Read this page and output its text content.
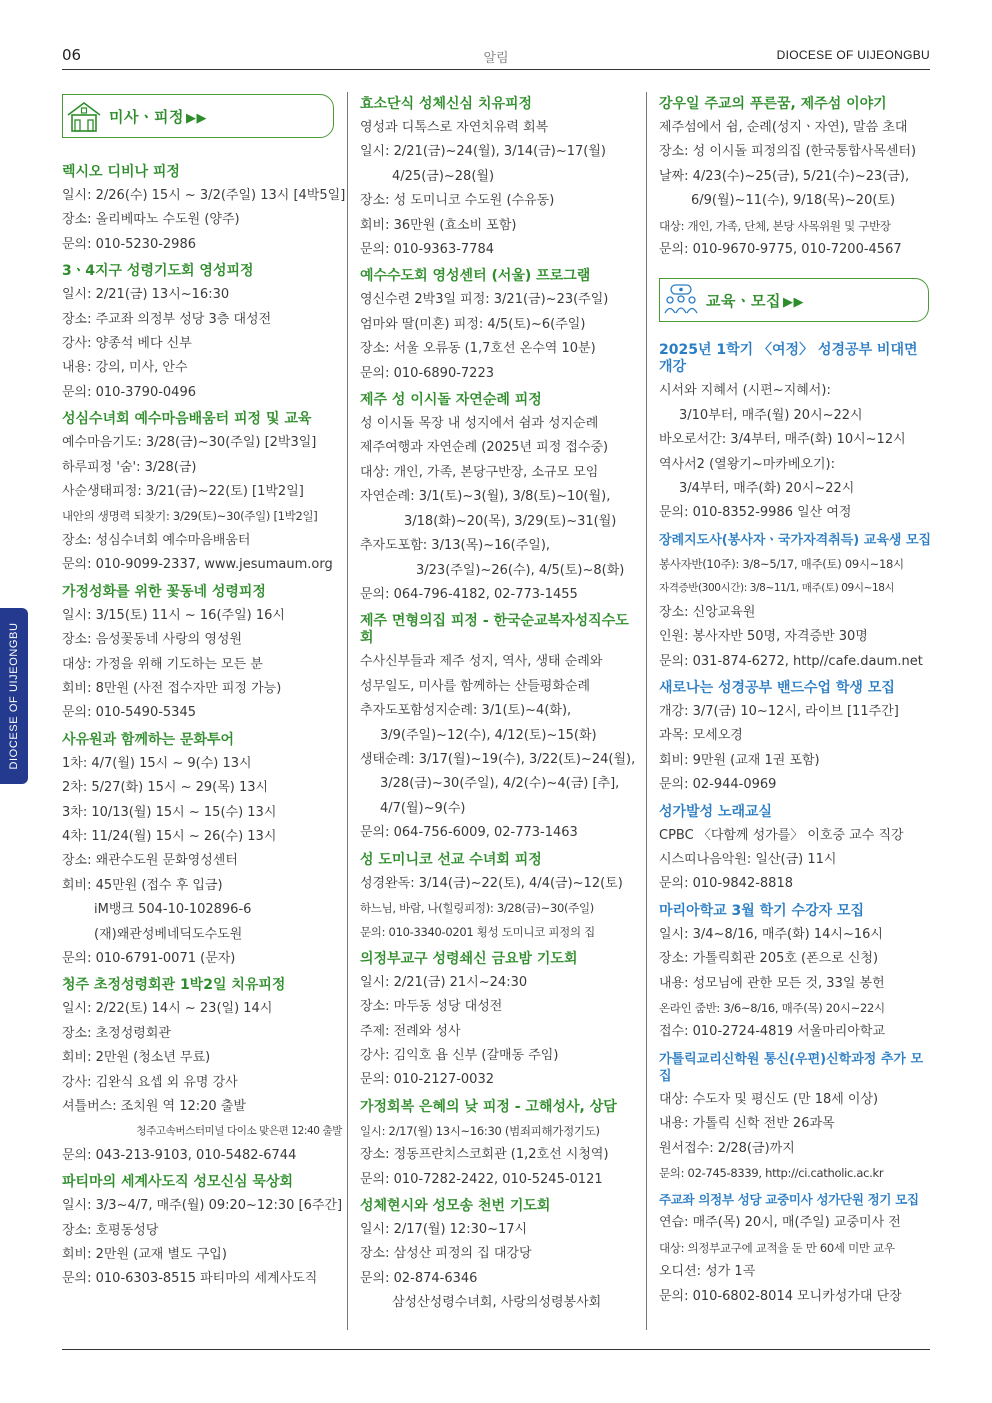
06	알림	DIOCESE OF UIJEONGBU
DIOCESE OF UIJEONGBU
미사ㆍ피정 ▶▶
렉시오 디비나 피정
일시: 2/26(수) 15시 ~ 3/2(주일) 13시 [4박5일]
장소: 올리베따노 수도원 (양주)
문의: 010-5230-2986
3ㆍ4지구 성령기도회 영성피정
일시: 2/21(금) 13시~16:30
장소: 주교좌 의정부 성당 3층 대성전
강사: 양종석 베다 신부
내용: 강의, 미사, 안수
문의: 010-3790-0496
성심수녀회 예수마음배움터 피정 및 교육
예수마음기도: 3/28(금)~30(주일) [2박3일]
하루피정 '숨': 3/28(금)
사순생태피정: 3/21(금)~22(토) [1박2일]
내안의 생명력 되찾기: 3/29(토)~30(주일) [1박2일]
장소: 성심수녀회 예수마음배움터
문의: 010-9099-2337, www.jesumaum.org
가정성화를 위한 꽃동네 성령피정
일시: 3/15(토) 11시 ~ 16(주일) 16시
장소: 음성꽃동네 사랑의 영성원
대상: 가정을 위해 기도하는 모든 분
회비: 8만원 (사전 접수자만 피정 가능)
문의: 010-5490-5345
사유원과 함께하는 문화투어
1차: 4/7(월) 15시 ~ 9(수) 13시
2차: 5/27(화) 15시 ~ 29(목) 13시
3차: 10/13(월) 15시 ~ 15(수) 13시
4차: 11/24(월) 15시 ~ 26(수) 13시
장소: 왜관수도원 문화영성센터
회비: 45만원 (접수 후 입금)
iM뱅크 504-10-102896-6
(재)왜관성베네딕도수도원
문의: 010-6791-0071 (문자)
청주 초정성령회관 1박2일 치유피정
일시: 2/22(토) 14시 ~ 23(일) 14시
장소: 초정성령회관
회비: 2만원 (청소년 무료)
강사: 김완식 요셉 외 유명 강사
셔틀버스: 조치원 역 12:20 출발
청주고속버스터미널 다이소 맞은편 12:40 출발
문의: 043-213-9103, 010-5482-6744
파티마의 세계사도직 성모신심 묵상회
일시: 3/3~4/7, 매주(월) 09:20~12:30 [6주간]
장소: 호평동성당
회비: 2만원 (교재 별도 구입)
문의: 010-6303-8515 파티마의 세계사도직
효소단식 성체신심 치유피정
영성과 디톡스로 자연치유력 회복
일시: 2/21(금)~24(월), 3/14(금)~17(월)
4/25(금)~28(월)
장소: 성 도미니코 수도원 (수유동)
회비: 36만원 (효소비 포함)
문의: 010-9363-7784
예수수도회 영성센터 (서울) 프로그램
영신수련 2박3일 피정: 3/21(금)~23(주일)
엄마와 딸(미혼) 피정: 4/5(토)~6(주일)
장소: 서울 오류동 (1,7호선 온수역 10분)
문의: 010-6890-7223
제주 성 이시돌 자연순례 피정
성 이시돌 목장 내 성지에서 쉼과 성지순례
제주여행과 자연순례 (2025년 피정 접수중)
대상: 개인, 가족, 본당구반장, 소규모 모임
자연순례: 3/1(토)~3(월), 3/8(토)~10(월),
3/18(화)~20(목), 3/29(토)~31(월)
추자도포함: 3/13(목)~16(주일),
3/23(주일)~26(수), 4/5(토)~8(화)
문의: 064-796-4182, 02-773-1455
제주 면형의집 피정 - 한국순교복자성직수도회
수사신부들과 제주 성지, 역사, 생태 순례와
성무일도, 미사를 함께하는 산들평화순례
추자도포함성지순례: 3/1(토)~4(화),
3/9(주일)~12(수), 4/12(토)~15(화)
생태순례: 3/17(월)~19(수), 3/22(토)~24(월),
3/28(금)~30(주일), 4/2(수)~4(금) [추],
4/7(월)~9(수)
문의: 064-756-6009, 02-773-1463
성 도미니코 선교 수녀회 피정
성경완독: 3/14(금)~22(토), 4/4(금)~12(토)
하느님, 바람, 나(힐링피정): 3/28(금)~30(주일)
문의: 010-3340-0201 횡성 도미니코 피정의 집
의정부교구 성령쇄신 금요밤 기도회
일시: 2/21(금) 21시~24:30
장소: 마두동 성당 대성전
주제: 전례와 성사
강사: 김익호 욥 신부 (갈매동 주임)
문의: 010-2127-0032
가정회복 은혜의 낮 피정 - 고해성사, 상담
일시: 2/17(월) 13시~16:30 (범죄피해가정기도)
장소: 정동프란치스코회관 (1,2호선 시청역)
문의: 010-7282-2422, 010-5245-0121
성체현시와 성모송 천번 기도회
일시: 2/17(월) 12:30~17시
장소: 삼성산 피정의 집 대강당
문의: 02-874-6346
삼성산성령수녀회, 사랑의성령봉사회
강우일 주교의 푸른꿈, 제주섬 이야기
제주섬에서 쉼, 순례(성지ㆍ자연), 말씀 초대
장소: 성 이시돌 피정의집 (한국통합사목센터)
날짜: 4/23(수)~25(금), 5/21(수)~23(금),
6/9(월)~11(수), 9/18(목)~20(토)
대상: 개인, 가족, 단체, 본당 사목위원 및 구반장
문의: 010-9670-9775, 010-7200-4567
교육ㆍ모집 ▶▶
2025년 1학기 〈여정〉 성경공부 비대면 개강
시서와 지혜서 (시편~지혜서):
3/10부터, 매주(월) 20시~22시
바오로서간: 3/4부터, 매주(화) 10시~12시
역사서2 (열왕기~마카베오기):
3/4부터, 매주(화) 20시~22시
문의: 010-8352-9986 일산 여정
장례지도사(봉사자ㆍ국가자격취득) 교육생 모집
봉사자반(10주): 3/8~5/17, 매주(토) 09시~18시
자격증반(300시간): 3/8~11/1, 매주(토) 09시~18시
장소: 신앙교육원
인원: 봉사자반 50명, 자격증반 30명
문의: 031-874-6272, http//cafe.daum.net
새로나는 성경공부 밴드수업 학생 모집
개강: 3/7(금) 10~12시, 라이브 [11주간]
과목: 모세오경
회비: 9만원 (교재 1권 포함)
문의: 02-944-0969
성가발성 노래교실
CPBC 〈다함께 성가를〉 이호중 교수 직강
시스띠나음악원: 일산(금) 11시
문의: 010-9842-8818
마리아학교 3월 학기 수강자 모집
일시: 3/4~8/16, 매주(화) 14시~16시
장소: 가톨릭회관 205호 (폰으로 신청)
내용: 성모님에 관한 모든 것, 33일 봉헌
온라인 줌반: 3/6~8/16, 매주(목) 20시~22시
접수: 010-2724-4819 서울마리아학교
가톨릭교리신학원 통신(우편)신학과정 추가 모집
대상: 수도자 및 평신도 (만 18세 이상)
내용: 가톨릭 신학 전반 26과목
원서접수: 2/28(금)까지
문의: 02-745-8339, http://ci.catholic.ac.kr
주교좌 의정부 성당 교중미사 성가단원 정기 모집
연습: 매주(목) 20시, 매(주일) 교중미사 전
대상: 의정부교구에 교적을 둔 만 60세 미만 교우
오디션: 성가 1곡
문의: 010-6802-8014 모니카성가대 단장
